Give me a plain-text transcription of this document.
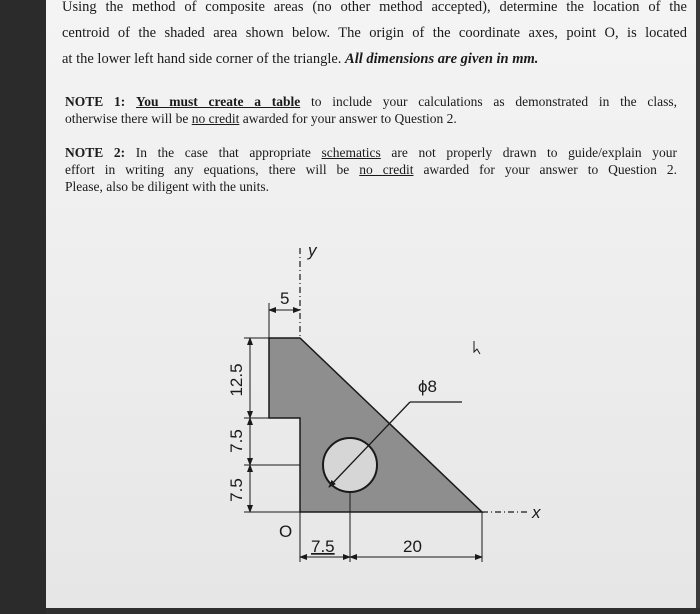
Using the method of composite areas (no other method accepted), determine the location of the
centroid of the shaded area shown below. The origin of the coordinate axes, point O, is located
at the lower left hand side corner of the triangle. All dimensions are given in mm.

NOTE 1: You must create a table to include your calculations as demonstrated in the class,
otherwise there will be no credit awarded for your answer to Question 2.

NOTE 2: In the case that appropriate schematics are not properly drawn to guide/explain your
effort in writing any equations, there will be no credit awarded for your answer to Question 2.
Please, also be diligent with the units.

ϕ8
y
x
O
5
12.5
7.5
7.5
7.5	20
